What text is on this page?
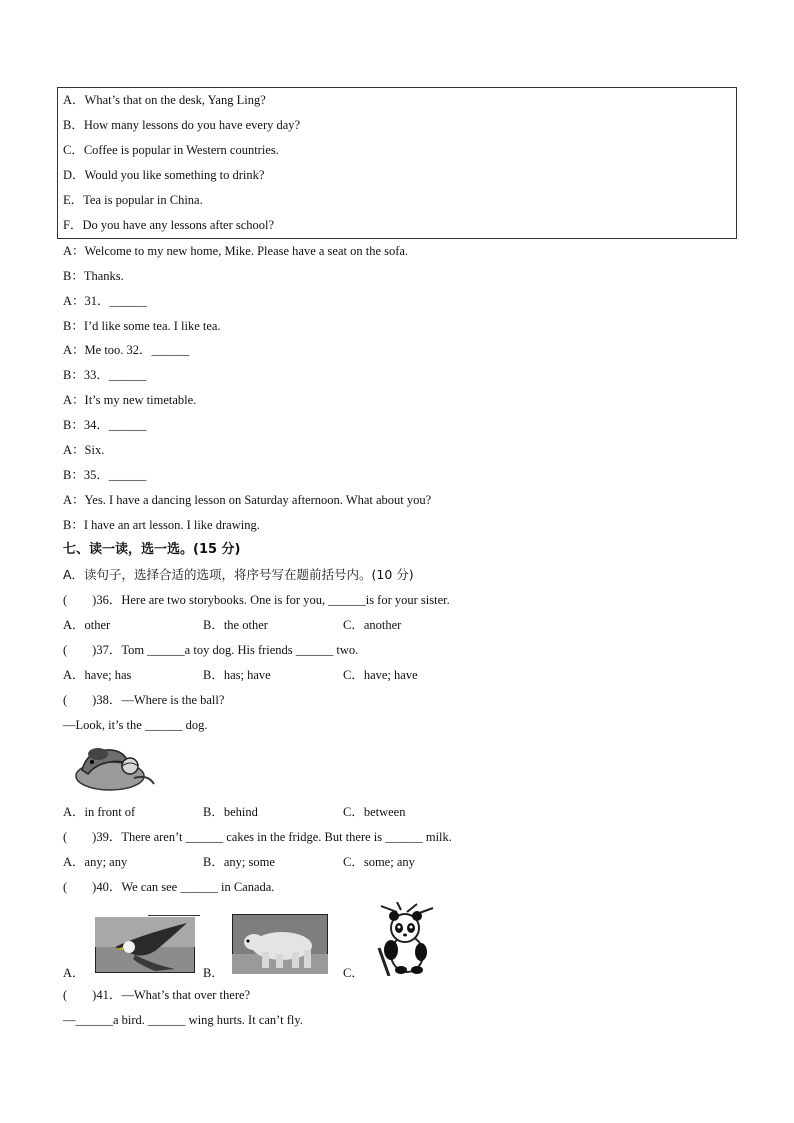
A．What’s that on the desk, Yang Ling?
B．How many lessons do you have every day?
C．Coffee is popular in Western countries.
D．Would you like something to drink?
E．Tea is popular in China.
F．Do you have any lessons after school?
A：Welcome to my new home, Mike. Please have a seat on the sofa.
B：Thanks.
A：31．______
B：I’d like some tea. I like tea.
A：Me too. 32．______
B：33．______
A：It’s my new timetable.
B：34．______
A：Six.
B：35．______
A：Yes. I have a dancing lesson on Saturday afternoon. What about you?
B：I have an art lesson. I like drawing.
七、读一读，选一选。(15 分)
A．读句子，选择合适的选项，将序号写在题前括号内。(10 分)
(　　)36．Here are two storybooks. One is for you, ______is for your sister.
A．other	B．the other	C．another
(　　)37．Tom ______a toy dog. His friends ______ two.
A．have; has	B．has; have	C．have; have
(　　)38．—Where is the ball?
—Look, it’s the ______ dog.
A．in front of	B．behind	C．between
(　　)39．There aren’t ______ cakes in the fridge. But there is ______ milk.
A．any; any	B．any; some	C．some; any
(　　)40．We can see ______ in Canada.
A．	B．	C．
(　　)41．—What’s that over there?
—______a bird. ______ wing hurts. It can’t fly.
